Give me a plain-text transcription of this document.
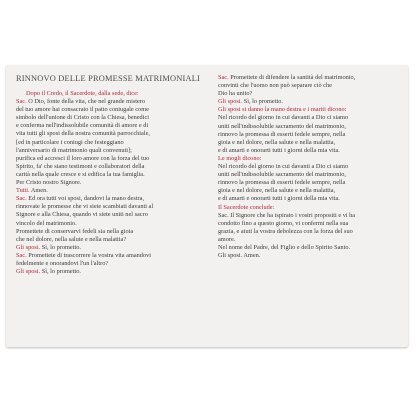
RINNOVO DELLE PROMESSE MATRIMONIALI

Dopo il Credo, il Sacerdote, dalla sede, dice:

Sac. O Dio, fonte della vita, che nel grande mistero

del tuo amore hai consacrato il patto coniugale come

simbolo dell'unione di Cristo con la Chiesa, benedici

e conferma nell'indissolubile comunità di amore e di

vita tutti gli sposi della nostra comunità parrocchiale,

[ed in particolare i coniugi che festeggiano

l'anniversario di matrimonio quali convenuti];

purifica ed accresci il loro amore con la forza del tuo

Spirito, fa' che siano testimoni e collaboratori della

carità nella quale cresce e si edifica la tua famiglia.

Per Cristo nostro Signore.

Tutti. Amen.

Sac. Ed ora tutti voi sposi, dandovi la mano destra,

rinnovate le promesse che vi siete scambiati davanti al

Signore e alla Chiesa, quando vi siete uniti nel sacro

vincolo del matrimonio.

Promettete di conservarvi fedeli sia nella gioia

che nel dolore, nella salute e nella malattia?

Gli sposi. Sì, lo prometto.

Sac. Promettete di trascorrere la vostra vita amandovi

fedelmente e onorandovi l'un l'altro?

Gli sposi. Sì, lo prometto.

Sac. Promettete di difendere la santità del matrimonio,

convinti che l'uomo non può separare ciò che

Dio ha unito?

Gli sposi. Sì, lo prometto.

Gli sposi si danno la mano destra e i mariti dicono:

Nel ricordo del giorno in cui davanti a Dio ci siamo

uniti nell'indissolubile sacramento del matrimonio,

rinnovo la promessa di esserti fedele sempre, nella

gioia e nel dolore, nella salute e nella malattia,

e di amarti e onorarti tutti i giorni della mia vita.

Le mogli dicono:

Nel ricordo del giorno in cui davanti a Dio ci siamo

uniti nell'indissolubile sacramento del matrimonio,

rinnovo la promessa di esserti fedele sempre, nella

gioia e nel dolore, nella salute e nella malattia,

e di amarti e onorarti tutti i giorni della mia vita.

Il Sacerdote conclude:

Sac. Il Signore che ha ispirato i vostri propositi e vi ha

condotto fino a questo giorno, vi confermi nella sua

grazia, e aiuti la vostra debolezza con la forza del suo

amore.

Nel nome del Padre, del Figlio e dello Spirito Santo.

Gli sposi. Amen.
